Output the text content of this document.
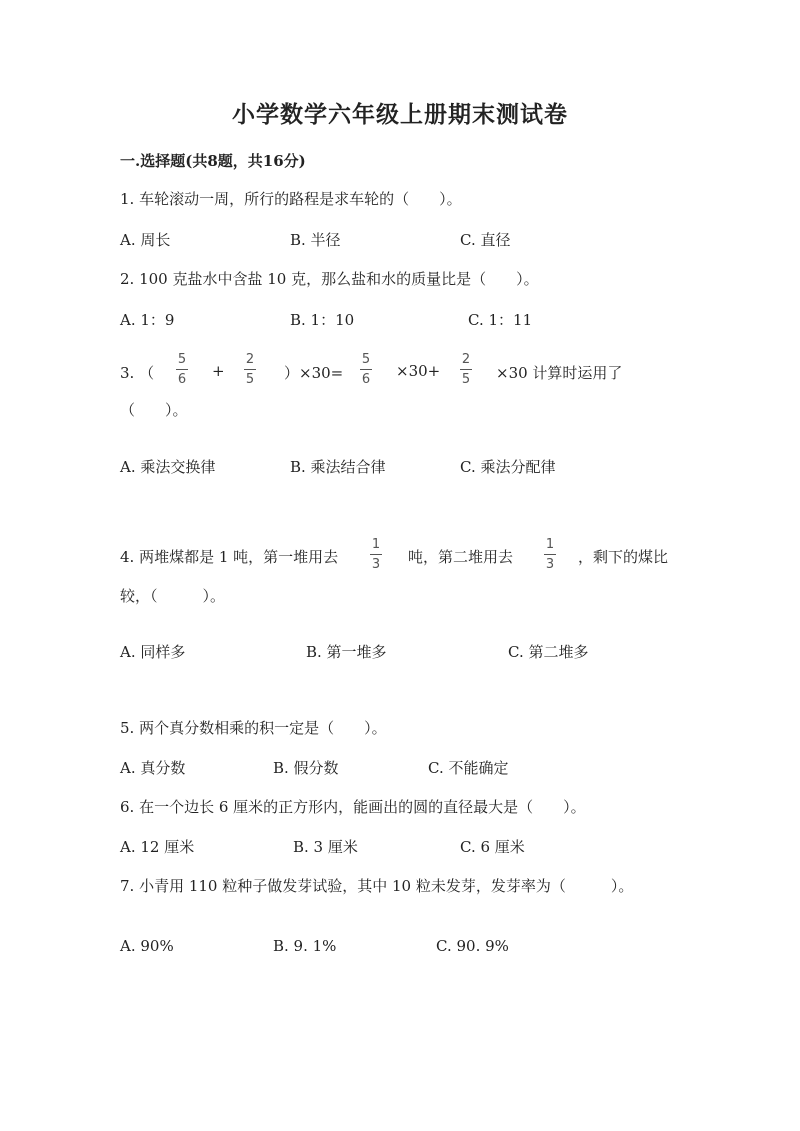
小学数学六年级上册期末测试卷
一.选择题(共8题，共16分)
1. 车轮滚动一周，所行的路程是求车轮的（　　）。
A. 周长	B. 半径	C. 直径
2. 100 克盐水中含盐 10 克，那么盐和水的质量比是（　　）。
A. 1：9	B. 1：10	C. 1：11
3. （
5
6 +
2
5 ）×30=
5
6 ×30+
2
5 ×30 计算时运用了
（　　）。
A. 乘法交换律	B. 乘法结合律	C. 乘法分配律
4. 两堆煤都是 1 吨，第一堆用去
1
3 吨，第二堆用去
1
3 ，剩下的煤比
较，（　　　）。
A. 同样多	B. 第一堆多	C. 第二堆多
5. 两个真分数相乘的积一定是（　　）。
A. 真分数	B. 假分数	C. 不能确定
6. 在一个边长 6 厘米的正方形内，能画出的圆的直径最大是（　　）。
A. 12 厘米	B. 3 厘米	C. 6 厘米
7. 小青用 110 粒种子做发芽试验，其中 10 粒未发芽，发芽率为（　　　）。
A. 90%	B. 9. 1%	C. 90. 9%
